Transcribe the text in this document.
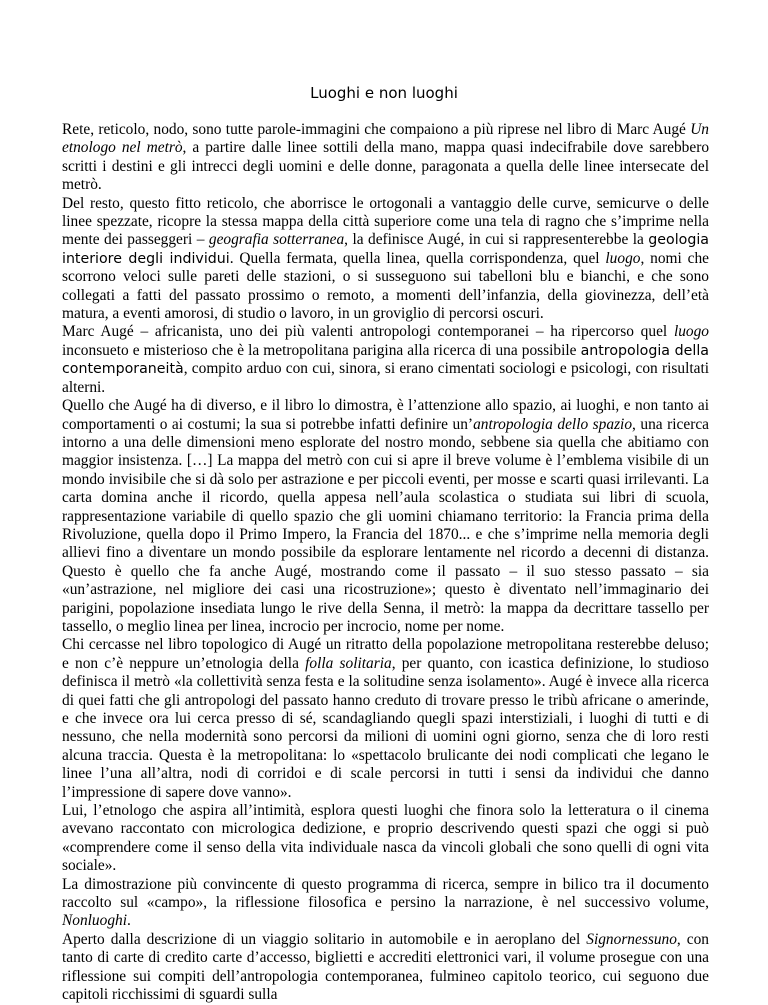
Luoghi e non luoghi

Rete, reticolo, nodo, sono tutte parole-immagini che compaiono a più riprese nel libro di Marc Augé Un etnologo nel metrò, a partire dalle linee sottili della mano, mappa quasi indecifrabile dove sarebbero scritti i destini e gli intrecci degli uomini e delle donne, paragonata a quella delle linee intersecate del metrò.

Del resto, questo fitto reticolo, che aborrisce le ortogonali a vantaggio delle curve, semicurve o delle linee spezzate, ricopre la stessa mappa della città superiore come una tela di ragno che s’imprime nella mente dei passeggeri – geografia sotterranea, la definisce Augé, in cui si rappresenterebbe la geologia interiore degli individui. Quella fermata, quella linea, quella corrispondenza, quel luogo, nomi che scorrono veloci sulle pareti delle stazioni, o si susseguono sui tabelloni blu e bianchi, e che sono collegati a fatti del passato prossimo o remoto, a momenti dell’infanzia, della giovinezza, dell’età matura, a eventi amorosi, di studio o lavoro, in un groviglio di percorsi oscuri.

Marc Augé – africanista, uno dei più valenti antropologi contemporanei – ha ripercorso quel luogo inconsueto e misterioso che è la metropolitana parigina alla ricerca di una possibile antropologia della contemporaneità, compito arduo con cui, sinora, si erano cimentati sociologi e psicologi, con risultati alterni.

Quello che Augé ha di diverso, e il libro lo dimostra, è l’attenzione allo spazio, ai luoghi, e non tanto ai comportamenti o ai costumi; la sua si potrebbe infatti definire un’antropologia dello spazio, una ricerca intorno a una delle dimensioni meno esplorate del nostro mondo, sebbene sia quella che abitiamo con maggior insistenza. […] La mappa del metrò con cui si apre il breve volume è l’emblema visibile di un mondo invisibile che si dà solo per astrazione e per piccoli eventi, per mosse e scarti quasi irrilevanti. La carta domina anche il ricordo, quella appesa nell’aula scolastica o studiata sui libri di scuola, rappresentazione variabile di quello spazio che gli uomini chiamano territorio: la Francia prima della Rivoluzione, quella dopo il Primo Impero, la Francia del 1870... e che s’imprime nella memoria degli allievi fino a diventare un mondo possibile da esplorare lentamente nel ricordo a decenni di distanza. Questo è quello che fa anche Augé, mostrando come il passato – il suo stesso passato – sia «un’astrazione, nel migliore dei casi una ricostruzione»; questo è diventato nell’immaginario dei parigini, popolazione insediata lungo le rive della Senna, il metrò: la mappa da decrittare tassello per tassello, o meglio linea per linea, incrocio per incrocio, nome per nome.

Chi cercasse nel libro topologico di Augé un ritratto della popolazione metropolitana resterebbe deluso; e non c’è neppure un’etnologia della folla solitaria, per quanto, con icastica definizione, lo studioso definisca il metrò «la collettività senza festa e la solitudine senza isolamento». Augé è invece alla ricerca di quei fatti che gli antropologi del passato hanno creduto di trovare presso le tribù africane o amerinde, e che invece ora lui cerca presso di sé, scandagliando quegli spazi interstiziali, i luoghi di tutti e di nessuno, che nella modernità sono percorsi da milioni di uomini ogni giorno, senza che di loro resti alcuna traccia. Questa è la metropolitana: lo «spettacolo brulicante dei nodi complicati che legano le linee l’una all’altra, nodi di corridoi e di scale percorsi in tutti i sensi da individui che danno l’impressione di sapere dove vanno».

Lui, l’etnologo che aspira all’intimità, esplora questi luoghi che finora solo la letteratura o il cinema avevano raccontato con micrologica dedizione, e proprio descrivendo questi spazi che oggi si può «comprendere come il senso della vita individuale nasca da vincoli globali che sono quelli di ogni vita sociale».

La dimostrazione più convincente di questo programma di ricerca, sempre in bilico tra il documento raccolto sul «campo», la riflessione filosofica e persino la narrazione, è nel successivo volume, Nonluoghi.

Aperto dalla descrizione di un viaggio solitario in automobile e in aeroplano del Signornessuno, con tanto di carte di credito carte d’accesso, biglietti e accrediti elettronici vari, il volume prosegue con una riflessione sui compiti dell’antropologia contemporanea, fulmineo capitolo teorico, cui seguono due capitoli ricchissimi di sguardi sulla
